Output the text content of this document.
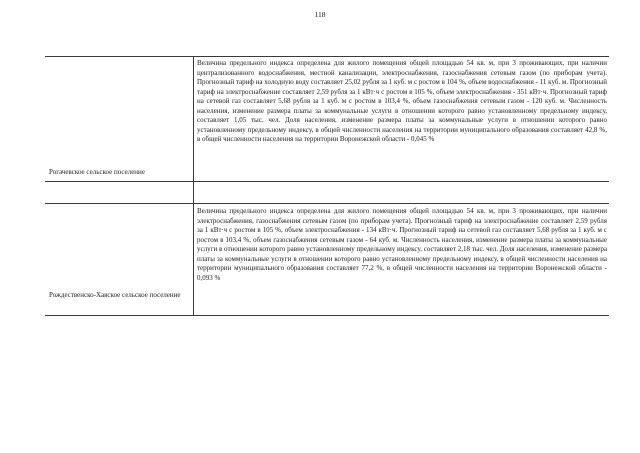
118
Величина предельного индекса определена для жилого помещения общей площадью 54 кв. м, при 3 проживающих, при наличии централизованного водоснабжения, местной канализации, электроснабжения, газоснабжения сетевым газом (по приборам учета). Прогнозный тариф на холодную воду составляет 25,02 рубля за 1 куб. м с ростом в 104 %, объем водоснабжения - 11 куб. м. Прогнозный тариф на электроснабжение составляет 2,59 рубля за 1 кВт·ч с ростом в 105 %, объем электроснабжения - 351 кВт·ч. Прогнозный тариф на сетевой газ составляет 5,68 рубля за 1 куб. м с ростом в 103,4 %, объем газоснабжения сетевым газом - 120 куб. м. Численность населения, изменение размера платы за коммунальные услуги в отношении которого равно установленному предельному индексу, составляет 1,05 тыс. чел. Доля населения, изменение размера платы за коммунальные услуги в отношении которого равно установленному предельному индексу, в общей численности населения на территории муниципального образования составляет 42,8 %, в общей численности населения на территории Воронежской области - 0,045 %
Рогачевское сельское поселение
Величина предельного индекса определена для жилого помещения общей площадью 54 кв. м, при 3 проживающих, при наличии электроснабжения, газоснабжения сетевым газом (по приборам учета). Прогнозный тариф на электроснабжение составляет 2,59 рубля за 1 кВт·ч с ростом в 105 %, объем электроснабжения - 134 кВт·ч. Прогнозный тариф на сетевой газ составляет 5,68 рубля за 1 куб. м с ростом в 103,4 %, объем газоснабжения сетевым газом - 64 куб. м. Численность населения, изменение размера платы за коммунальные услуги в отношении которого равно установленному предельному индексу, составляет 2,18 тыс. чел. Доля населения, изменение размера платы за коммунальные услуги в отношении которого равно установленному предельному индексу, в общей численности населения на территории муниципального образования составляет 77,2 %, в общей численности населения на территории Воронежской области - 0,093 %
Рождественско-Хавское сельское поселение
